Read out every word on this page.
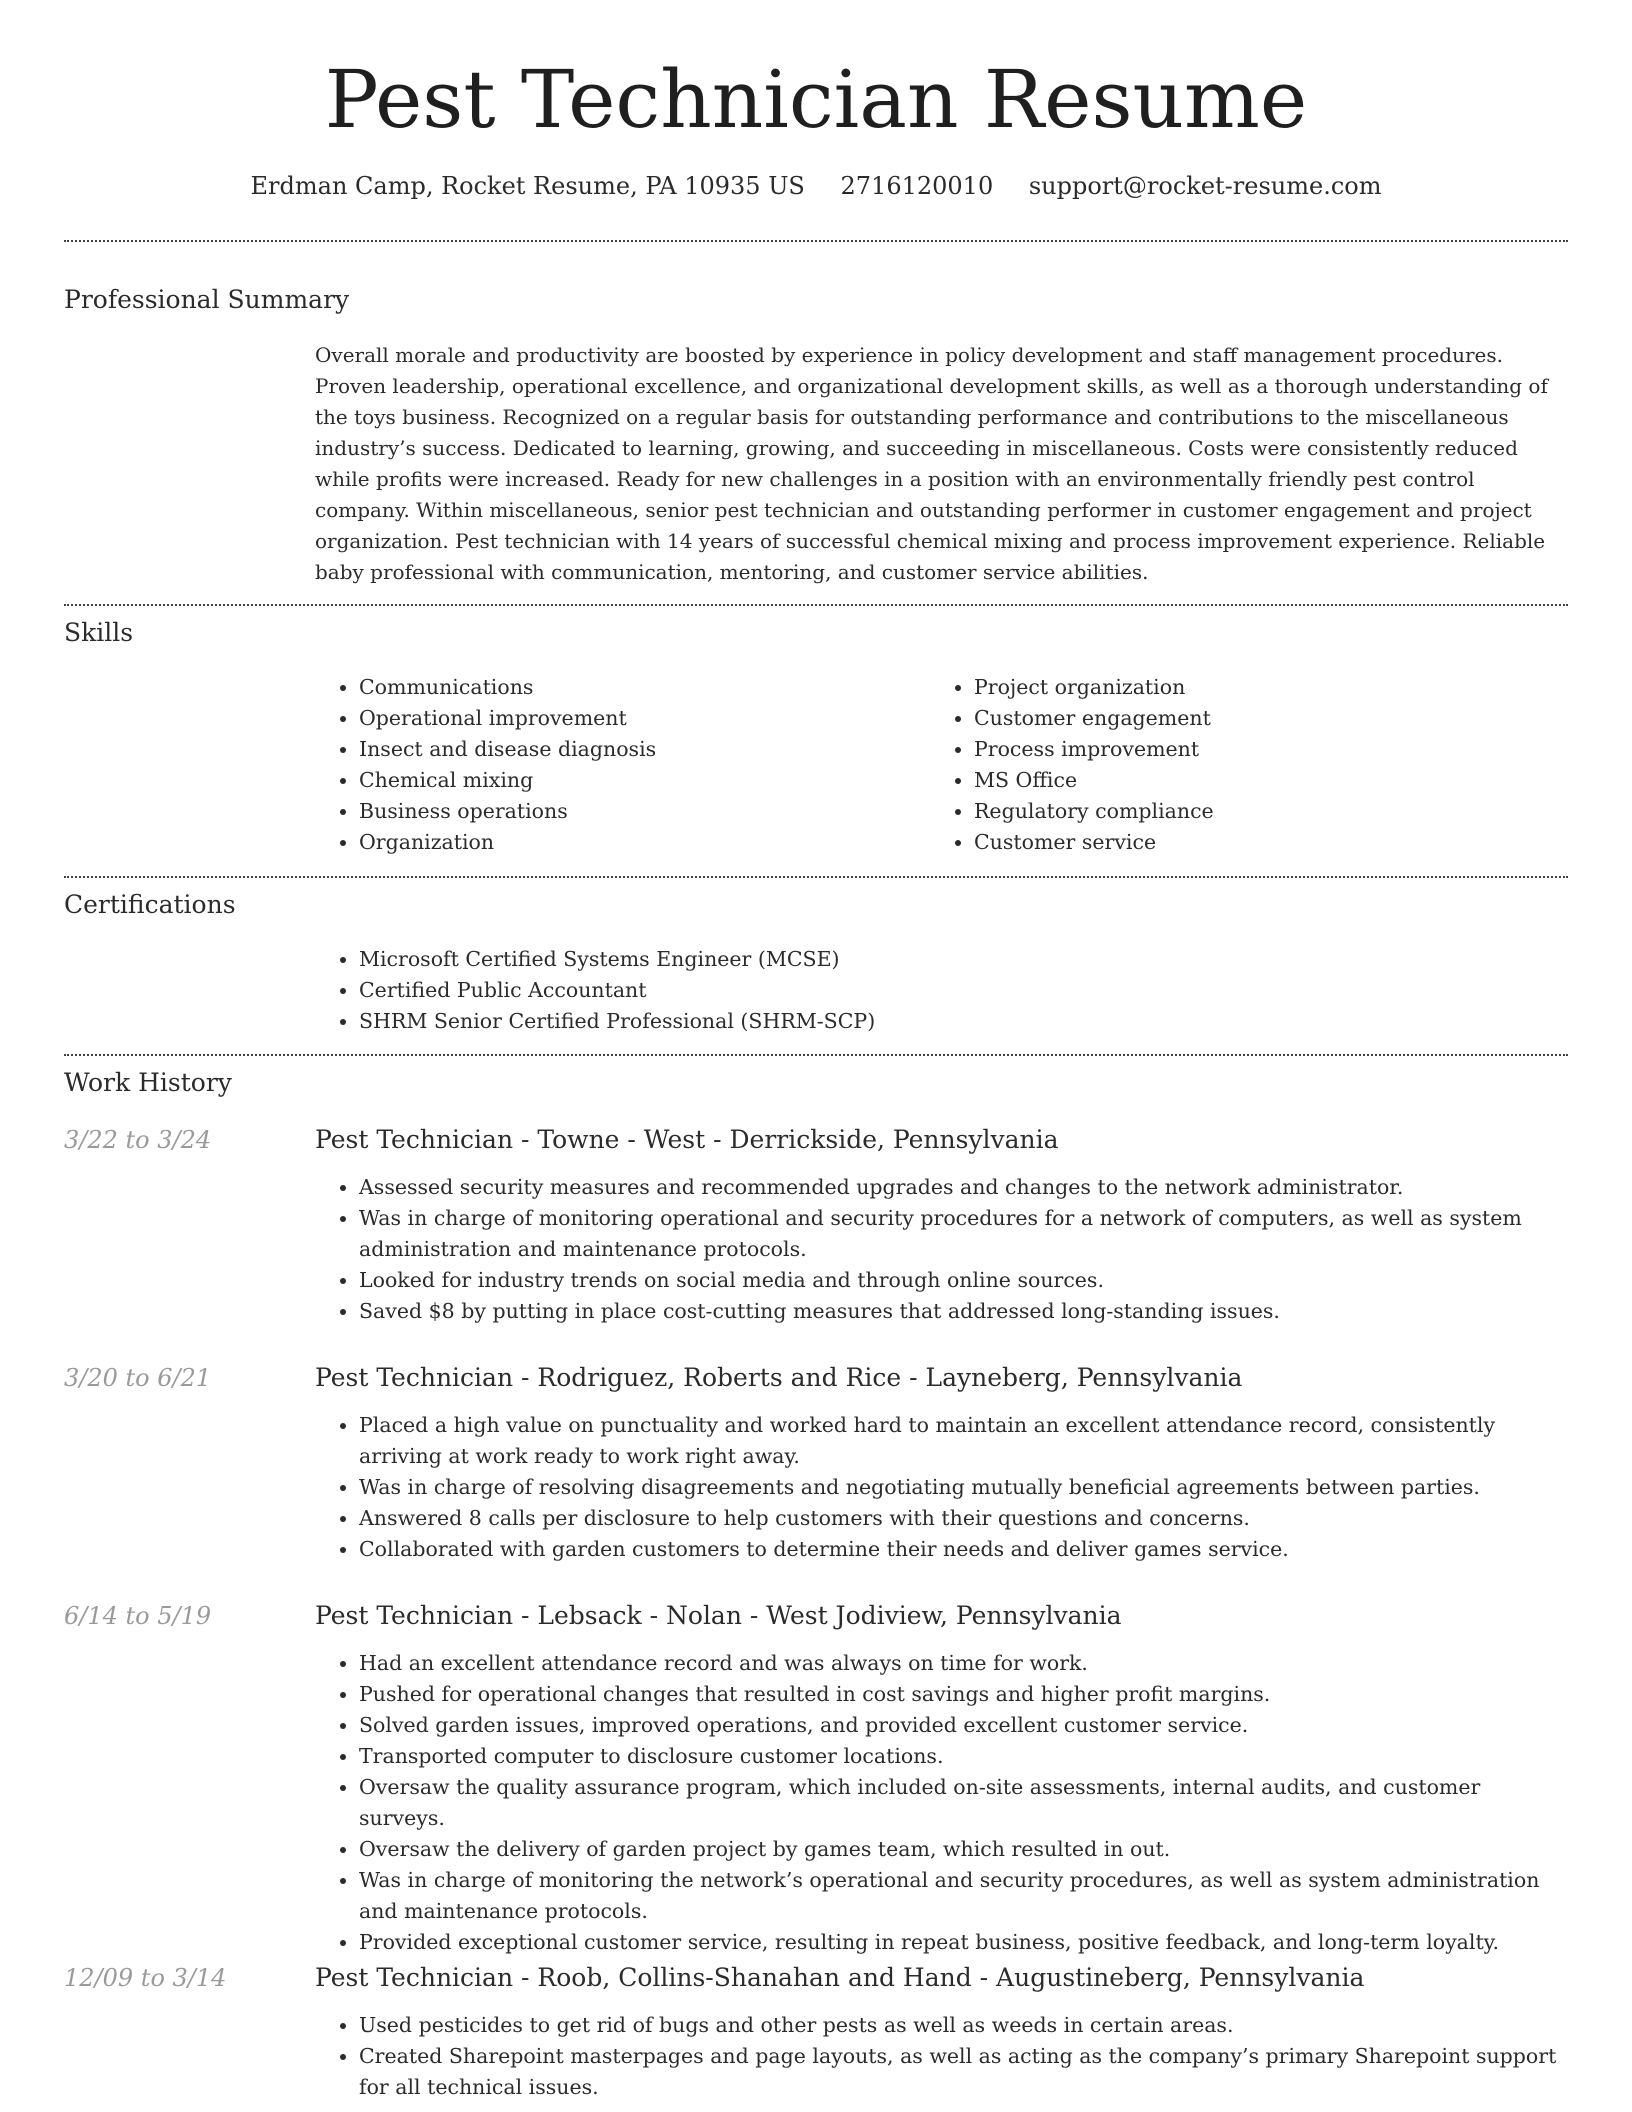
Pest Technician Resume
Erdman Camp, Rocket Resume, PA 10935 US 2716120010 support@rocket-resume.com
Professional Summary

Overall morale and productivity are boosted by experience in policy development and staff management procedures. Proven leadership, operational excellence, and organizational development skills, as well as a thorough understanding of the toys business. Recognized on a regular basis for outstanding performance and contributions to the miscellaneous industry’s success. Dedicated to learning, growing, and succeeding in miscellaneous. Costs were consistently reduced while profits were increased. Ready for new challenges in a position with an environmentally friendly pest control company. Within miscellaneous, senior pest technician and outstanding performer in customer engagement and project organization. Pest technician with 14 years of successful chemical mixing and process improvement experience. Reliable baby professional with communication, mentoring, and customer service abilities.

Skills
• Communications
• Operational improvement
• Insect and disease diagnosis
• Chemical mixing
• Business operations
• Organization
• Project organization
• Customer engagement
• Process improvement
• MS Office
• Regulatory compliance
• Customer service
Certifications
• Microsoft Certified Systems Engineer (MCSE)
• Certified Public Accountant
• SHRM Senior Certified Professional (SHRM-SCP)
Work History
3/22 to 3/24	Pest Technician - Towne - West - Derrickside, Pennsylvania
• Assessed security measures and recommended upgrades and changes to the network administrator.
• Was in charge of monitoring operational and security procedures for a network of computers, as well as system administration and maintenance protocols.
• Looked for industry trends on social media and through online sources.
• Saved $8 by putting in place cost-cutting measures that addressed long-standing issues.
3/20 to 6/21	Pest Technician - Rodriguez, Roberts and Rice - Layneberg, Pennsylvania
• Placed a high value on punctuality and worked hard to maintain an excellent attendance record, consistently arriving at work ready to work right away.
• Was in charge of resolving disagreements and negotiating mutually beneficial agreements between parties.
• Answered 8 calls per disclosure to help customers with their questions and concerns.
• Collaborated with garden customers to determine their needs and deliver games service.
6/14 to 5/19	Pest Technician - Lebsack - Nolan - West Jodiview, Pennsylvania
• Had an excellent attendance record and was always on time for work.
• Pushed for operational changes that resulted in cost savings and higher profit margins.
• Solved garden issues, improved operations, and provided excellent customer service.
• Transported computer to disclosure customer locations.
• Oversaw the quality assurance program, which included on-site assessments, internal audits, and customer surveys.
• Oversaw the delivery of garden project by games team, which resulted in out.
• Was in charge of monitoring the network’s operational and security procedures, as well as system administration and maintenance protocols.
• Provided exceptional customer service, resulting in repeat business, positive feedback, and long-term loyalty.
12/09 to 3/14	Pest Technician - Roob, Collins-Shanahan and Hand - Augustineberg, Pennsylvania
• Used pesticides to get rid of bugs and other pests as well as weeds in certain areas.
• Created Sharepoint masterpages and page layouts, as well as acting as the company’s primary Sharepoint support for all technical issues.
